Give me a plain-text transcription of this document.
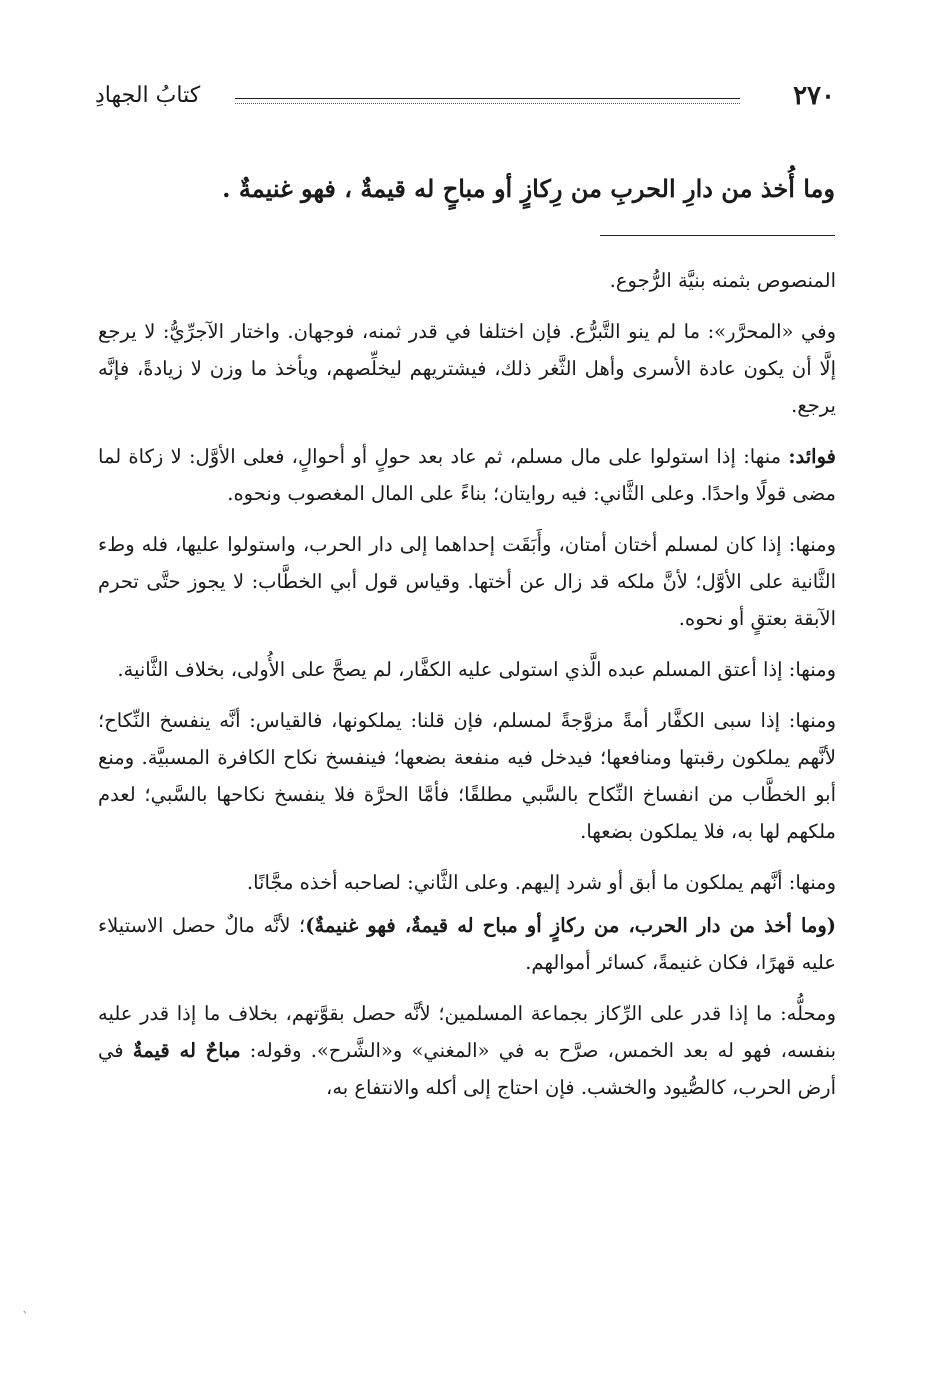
٢٧٠
كتابُ الجهادِ
وما أُخذ من دارِ الحربِ من رِكازٍ أو مباحٍ له قيمةٌ ، فهو غنيمةٌ .

المنصوص بثمنه بنيَّة الرُّجوع.

وفي «المحرَّر»: ما لم ينو التَّبرُّع. فإن اختلفا في قدر ثمنه، فوجهان. واختار الآجرِّيُّ: لا يرجع إلَّا أن يكون عادة الأسرى وأهل الثَّغر ذلك، فيشتريهم ليخلِّصهم، ويأخذ ما وزن لا زيادةً، فإنَّه يرجع.

فوائد: منها: إذا استولوا على مال مسلم، ثم عاد بعد حولٍ أو أحوالٍ، فعلى الأوَّل: لا زكاة لما مضى قولًا واحدًا. وعلى الثَّاني: فيه روايتان؛ بناءً على المال المغصوب ونحوه.

ومنها: إذا كان لمسلم أختان أمتان، وأَبَقَت إحداهما إلى دار الحرب، واستولوا عليها، فله وطء الثَّانية على الأوَّل؛ لأنَّ ملكه قد زال عن أختها. وقياس قول أبي الخطَّاب: لا يجوز حتَّى تحرم الآبقة بعتقٍ أو نحوه.

ومنها: إذا أعتق المسلم عبده الَّذي استولى عليه الكفَّار، لم يصحَّ على الأُولى، بخلاف الثَّانية.

ومنها: إذا سبى الكفَّار أمةً مزوَّجةً لمسلم، فإن قلنا: يملكونها، فالقياس: أنَّه ينفسخ النِّكاح؛ لأنَّهم يملكون رقبتها ومنافعها؛ فيدخل فيه منفعة بضعها؛ فينفسخ نكاح الكافرة المسبيَّة. ومنع أبو الخطَّاب من انفساخ النِّكاح بالسَّبي مطلقًا؛ فأمَّا الحرَّة فلا ينفسخ نكاحها بالسَّبي؛ لعدم ملكهم لها به، فلا يملكون بضعها.

ومنها: أنَّهم يملكون ما أبق أو شرد إليهم. وعلى الثَّاني: لصاحبه أخذه مجَّانًا.

(وما أخذ من دار الحرب، من ركازٍ أو مباح له قيمةٌ، فهو غنيمةٌ)؛ لأنَّه مالٌ حصل الاستيلاء عليه قهرًا، فكان غنيمةً، كسائر أموالهم.

ومحلُّه: ما إذا قدر على الرِّكاز بجماعة المسلمين؛ لأنَّه حصل بقوَّتهم، بخلاف ما إذا قدر عليه بنفسه، فهو له بعد الخمس، صرَّح به في «المغني» و«الشَّرح». وقوله: مباحٌ له قيمةٌ في أرض الحرب، كالصُّيود والخشب. فإن احتاج إلى أكله والانتفاع به،

`
